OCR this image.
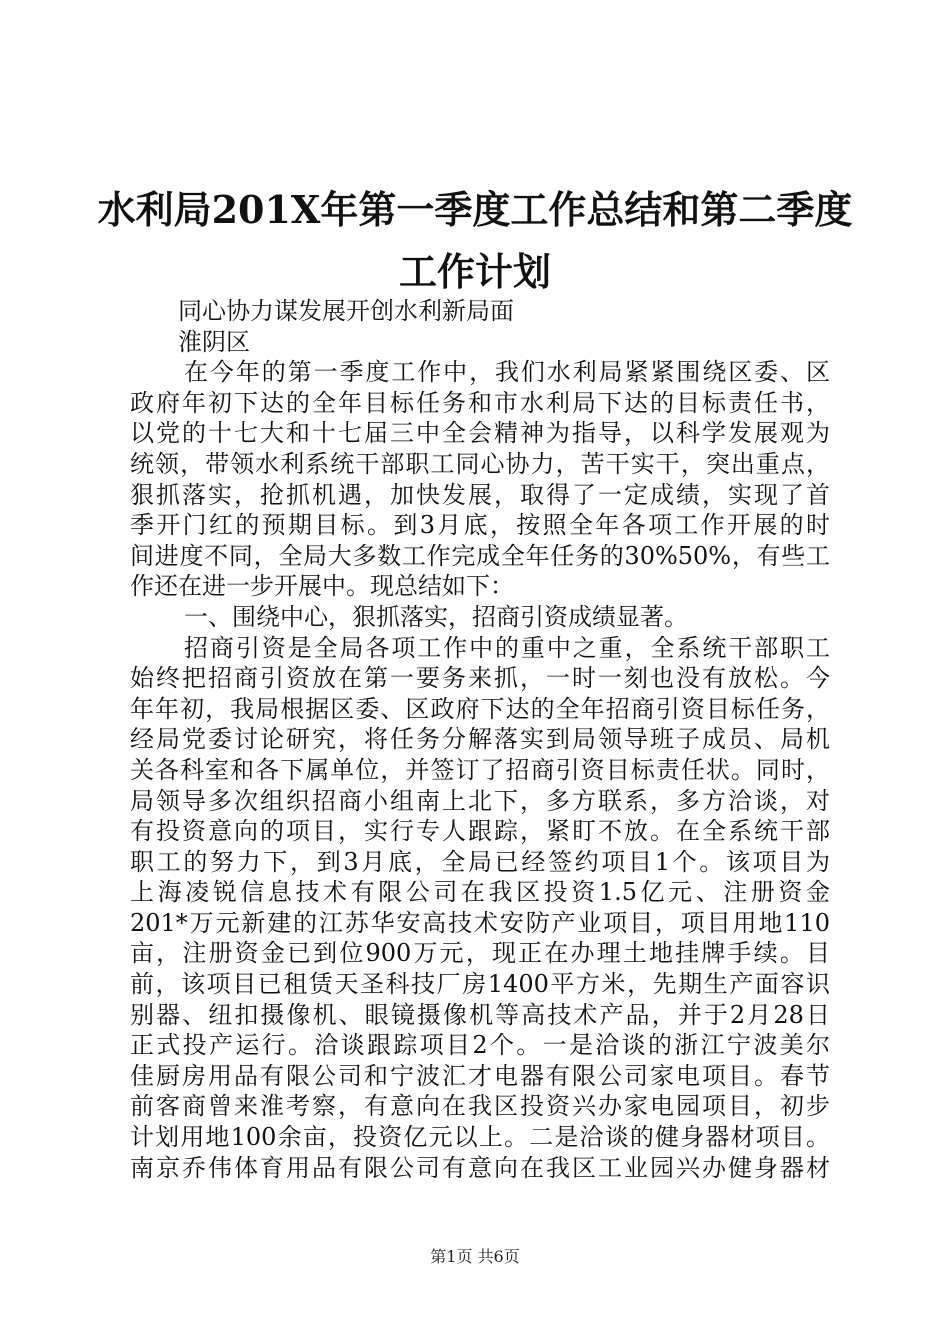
水利局201X年第一季度工作总结和第二季度
工作计划
同心协力谋发展开创水利新局面
淮阴区
在今年的第一季度工作中，我们水利局紧紧围绕区委、区
政府年初下达的全年目标任务和市水利局下达的目标责任书，
以党的十七大和十七届三中全会精神为指导，以科学发展观为
统领，带领水利系统干部职工同心协力，苦干实干，突出重点，
狠抓落实，抢抓机遇，加快发展，取得了一定成绩，实现了首
季开门红的预期目标。到3月底，按照全年各项工作开展的时
间进度不同，全局大多数工作完成全年任务的30%50%，有些工
作还在进一步开展中。现总结如下：
一、围绕中心，狠抓落实，招商引资成绩显著。
招商引资是全局各项工作中的重中之重，全系统干部职工
始终把招商引资放在第一要务来抓，一时一刻也没有放松。今
年年初，我局根据区委、区政府下达的全年招商引资目标任务，
经局党委讨论研究，将任务分解落实到局领导班子成员、局机
关各科室和各下属单位，并签订了招商引资目标责任状。同时，
局领导多次组织招商小组南上北下，多方联系，多方洽谈，对
有投资意向的项目，实行专人跟踪，紧盯不放。在全系统干部
职工的努力下，到3月底，全局已经签约项目1个。该项目为
上海凌锐信息技术有限公司在我区投资1.5亿元、注册资金
201*万元新建的江苏华安高技术安防产业项目，项目用地110
亩，注册资金已到位900万元，现正在办理土地挂牌手续。目
前，该项目已租赁天圣科技厂房1400平方米，先期生产面容识
别器、纽扣摄像机、眼镜摄像机等高技术产品，并于2月28日
正式投产运行。洽谈跟踪项目2个。一是洽谈的浙江宁波美尔
佳厨房用品有限公司和宁波汇才电器有限公司家电项目。春节
前客商曾来淮考察，有意向在我区投资兴办家电园项目，初步
计划用地100余亩，投资亿元以上。二是洽谈的健身器材项目。
南京乔伟体育用品有限公司有意向在我区工业园兴办健身器材
第1页 共6页
